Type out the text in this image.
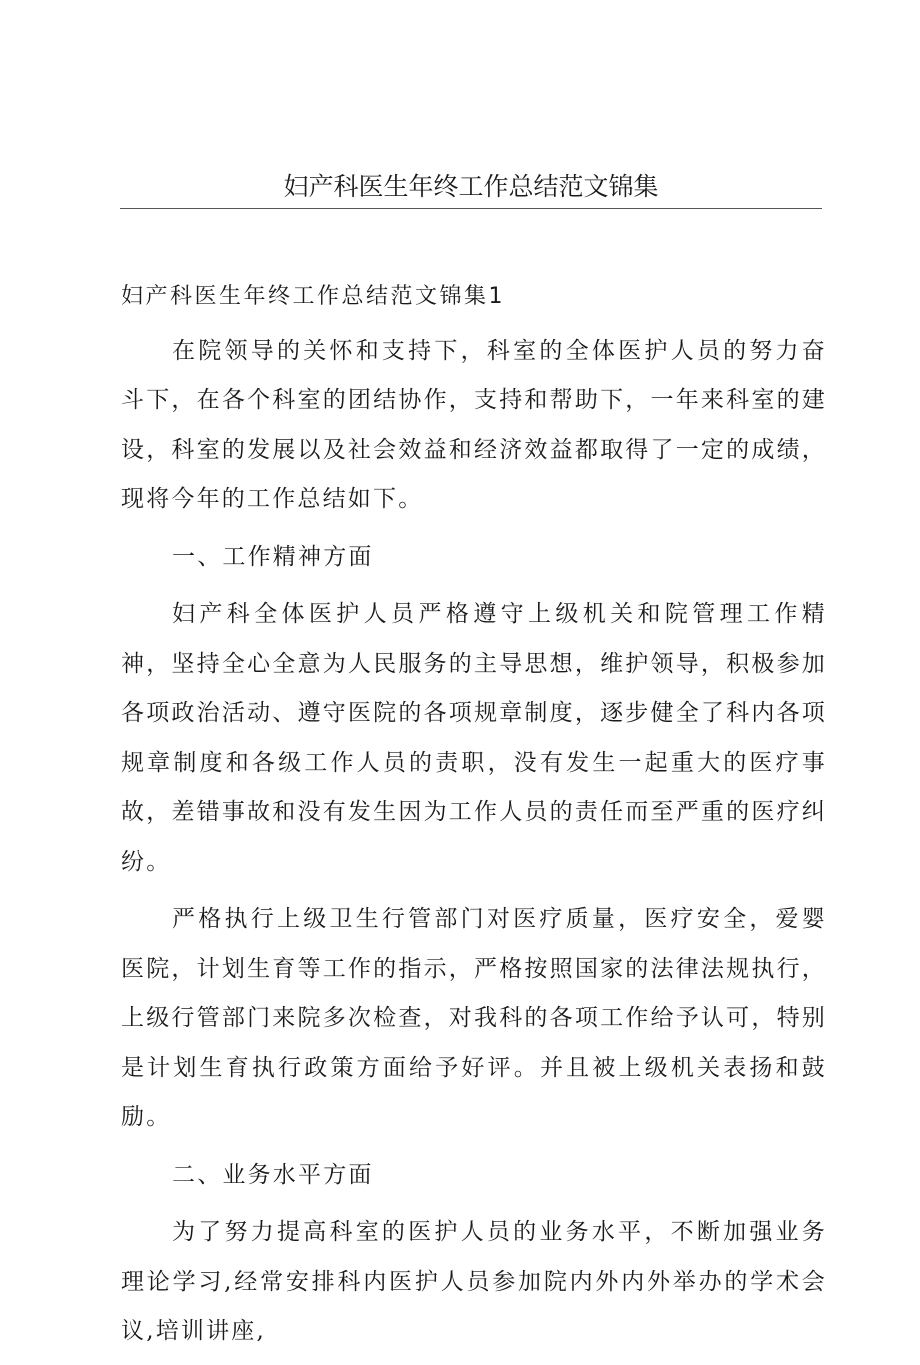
妇产科医生年终工作总结范文锦集

妇产科医生年终工作总结范文锦集1

在院领导的关怀和支持下，科室的全体医护人员的努力奋斗下，在各个科室的团结协作，支持和帮助下，一年来科室的建设，科室的发展以及社会效益和经济效益都取得了一定的成绩，现将今年的工作总结如下。

一、工作精神方面

妇产科全体医护人员严格遵守上级机关和院管理工作精神，坚持全心全意为人民服务的主导思想，维护领导，积极参加各项政治活动、遵守医院的各项规章制度，逐步健全了科内各项规章制度和各级工作人员的责职，没有发生一起重大的医疗事故，差错事故和没有发生因为工作人员的责任而至严重的医疗纠纷。

严格执行上级卫生行管部门对医疗质量，医疗安全，爱婴医院，计划生育等工作的指示，严格按照国家的法律法规执行，上级行管部门来院多次检查，对我科的各项工作给予认可，特别是计划生育执行政策方面给予好评。并且被上级机关表扬和鼓励。

二、业务水平方面

为了努力提高科室的医护人员的业务水平，不断加强业务理论学习,经常安排科内医护人员参加院内外内外举办的学术会议,培训讲座,
